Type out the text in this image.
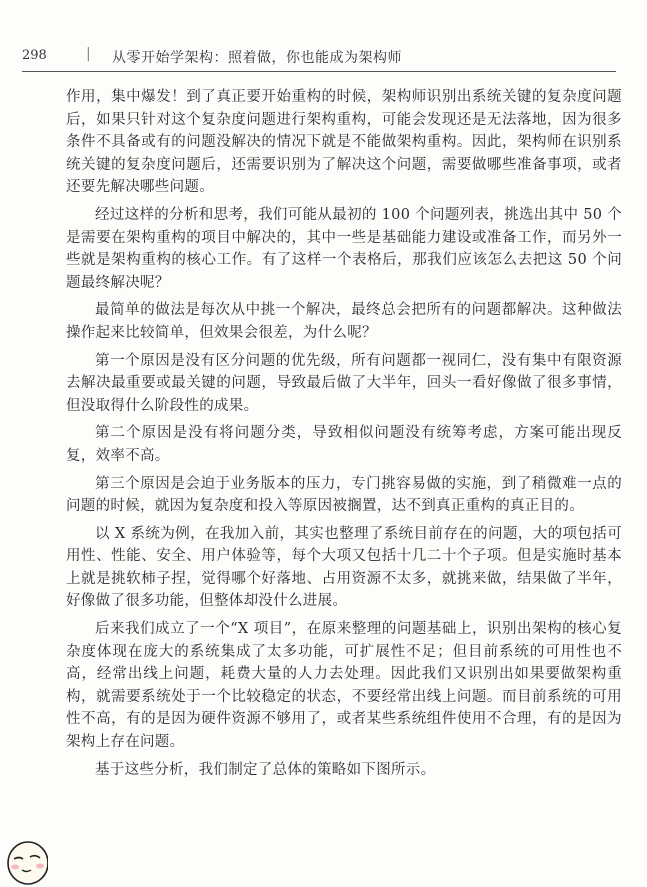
298	| 从零开始学架构：照着做，你也能成为架构师

作用，集中爆发！到了真正要开始重构的时候，架构师识别出系统关键的复杂度问题后，如果只针对这个复杂度问题进行架构重构，可能会发现还是无法落地，因为很多条件不具备或有的问题没解决的情况下就是不能做架构重构。因此，架构师在识别系统关键的复杂度问题后，还需要识别为了解决这个问题，需要做哪些准备事项，或者还要先解决哪些问题。

经过这样的分析和思考，我们可能从最初的 100 个问题列表，挑选出其中 50 个是需要在架构重构的项目中解决的，其中一些是基础能力建设或准备工作，而另外一些就是架构重构的核心工作。有了这样一个表格后，那我们应该怎么去把这 50 个问题最终解决呢？

最简单的做法是每次从中挑一个解决，最终总会把所有的问题都解决。这种做法操作起来比较简单，但效果会很差，为什么呢？

第一个原因是没有区分问题的优先级，所有问题都一视同仁，没有集中有限资源去解决最重要或最关键的问题，导致最后做了大半年，回头一看好像做了很多事情，但没取得什么阶段性的成果。

第二个原因是没有将问题分类，导致相似问题没有统筹考虑，方案可能出现反复，效率不高。

第三个原因是会迫于业务版本的压力，专门挑容易做的实施，到了稍微难一点的问题的时候，就因为复杂度和投入等原因被搁置，达不到真正重构的真正目的。

以 X 系统为例，在我加入前，其实也整理了系统目前存在的问题，大的项包括可用性、性能、安全、用户体验等，每个大项又包括十几二十个子项。但是实施时基本上就是挑软柿子捏，觉得哪个好落地、占用资源不太多，就挑来做，结果做了半年，好像做了很多功能，但整体却没什么进展。

后来我们成立了一个“X 项目”，在原来整理的问题基础上，识别出架构的核心复杂度体现在庞大的系统集成了太多功能，可扩展性不足；但目前系统的可用性也不高，经常出线上问题，耗费大量的人力去处理。因此我们又识别出如果要做架构重构，就需要系统处于一个比较稳定的状态，不要经常出线上问题。而目前系统的可用性不高，有的是因为硬件资源不够用了，或者某些系统组件使用不合理，有的是因为架构上存在问题。

基于这些分析，我们制定了总体的策略如下图所示。
